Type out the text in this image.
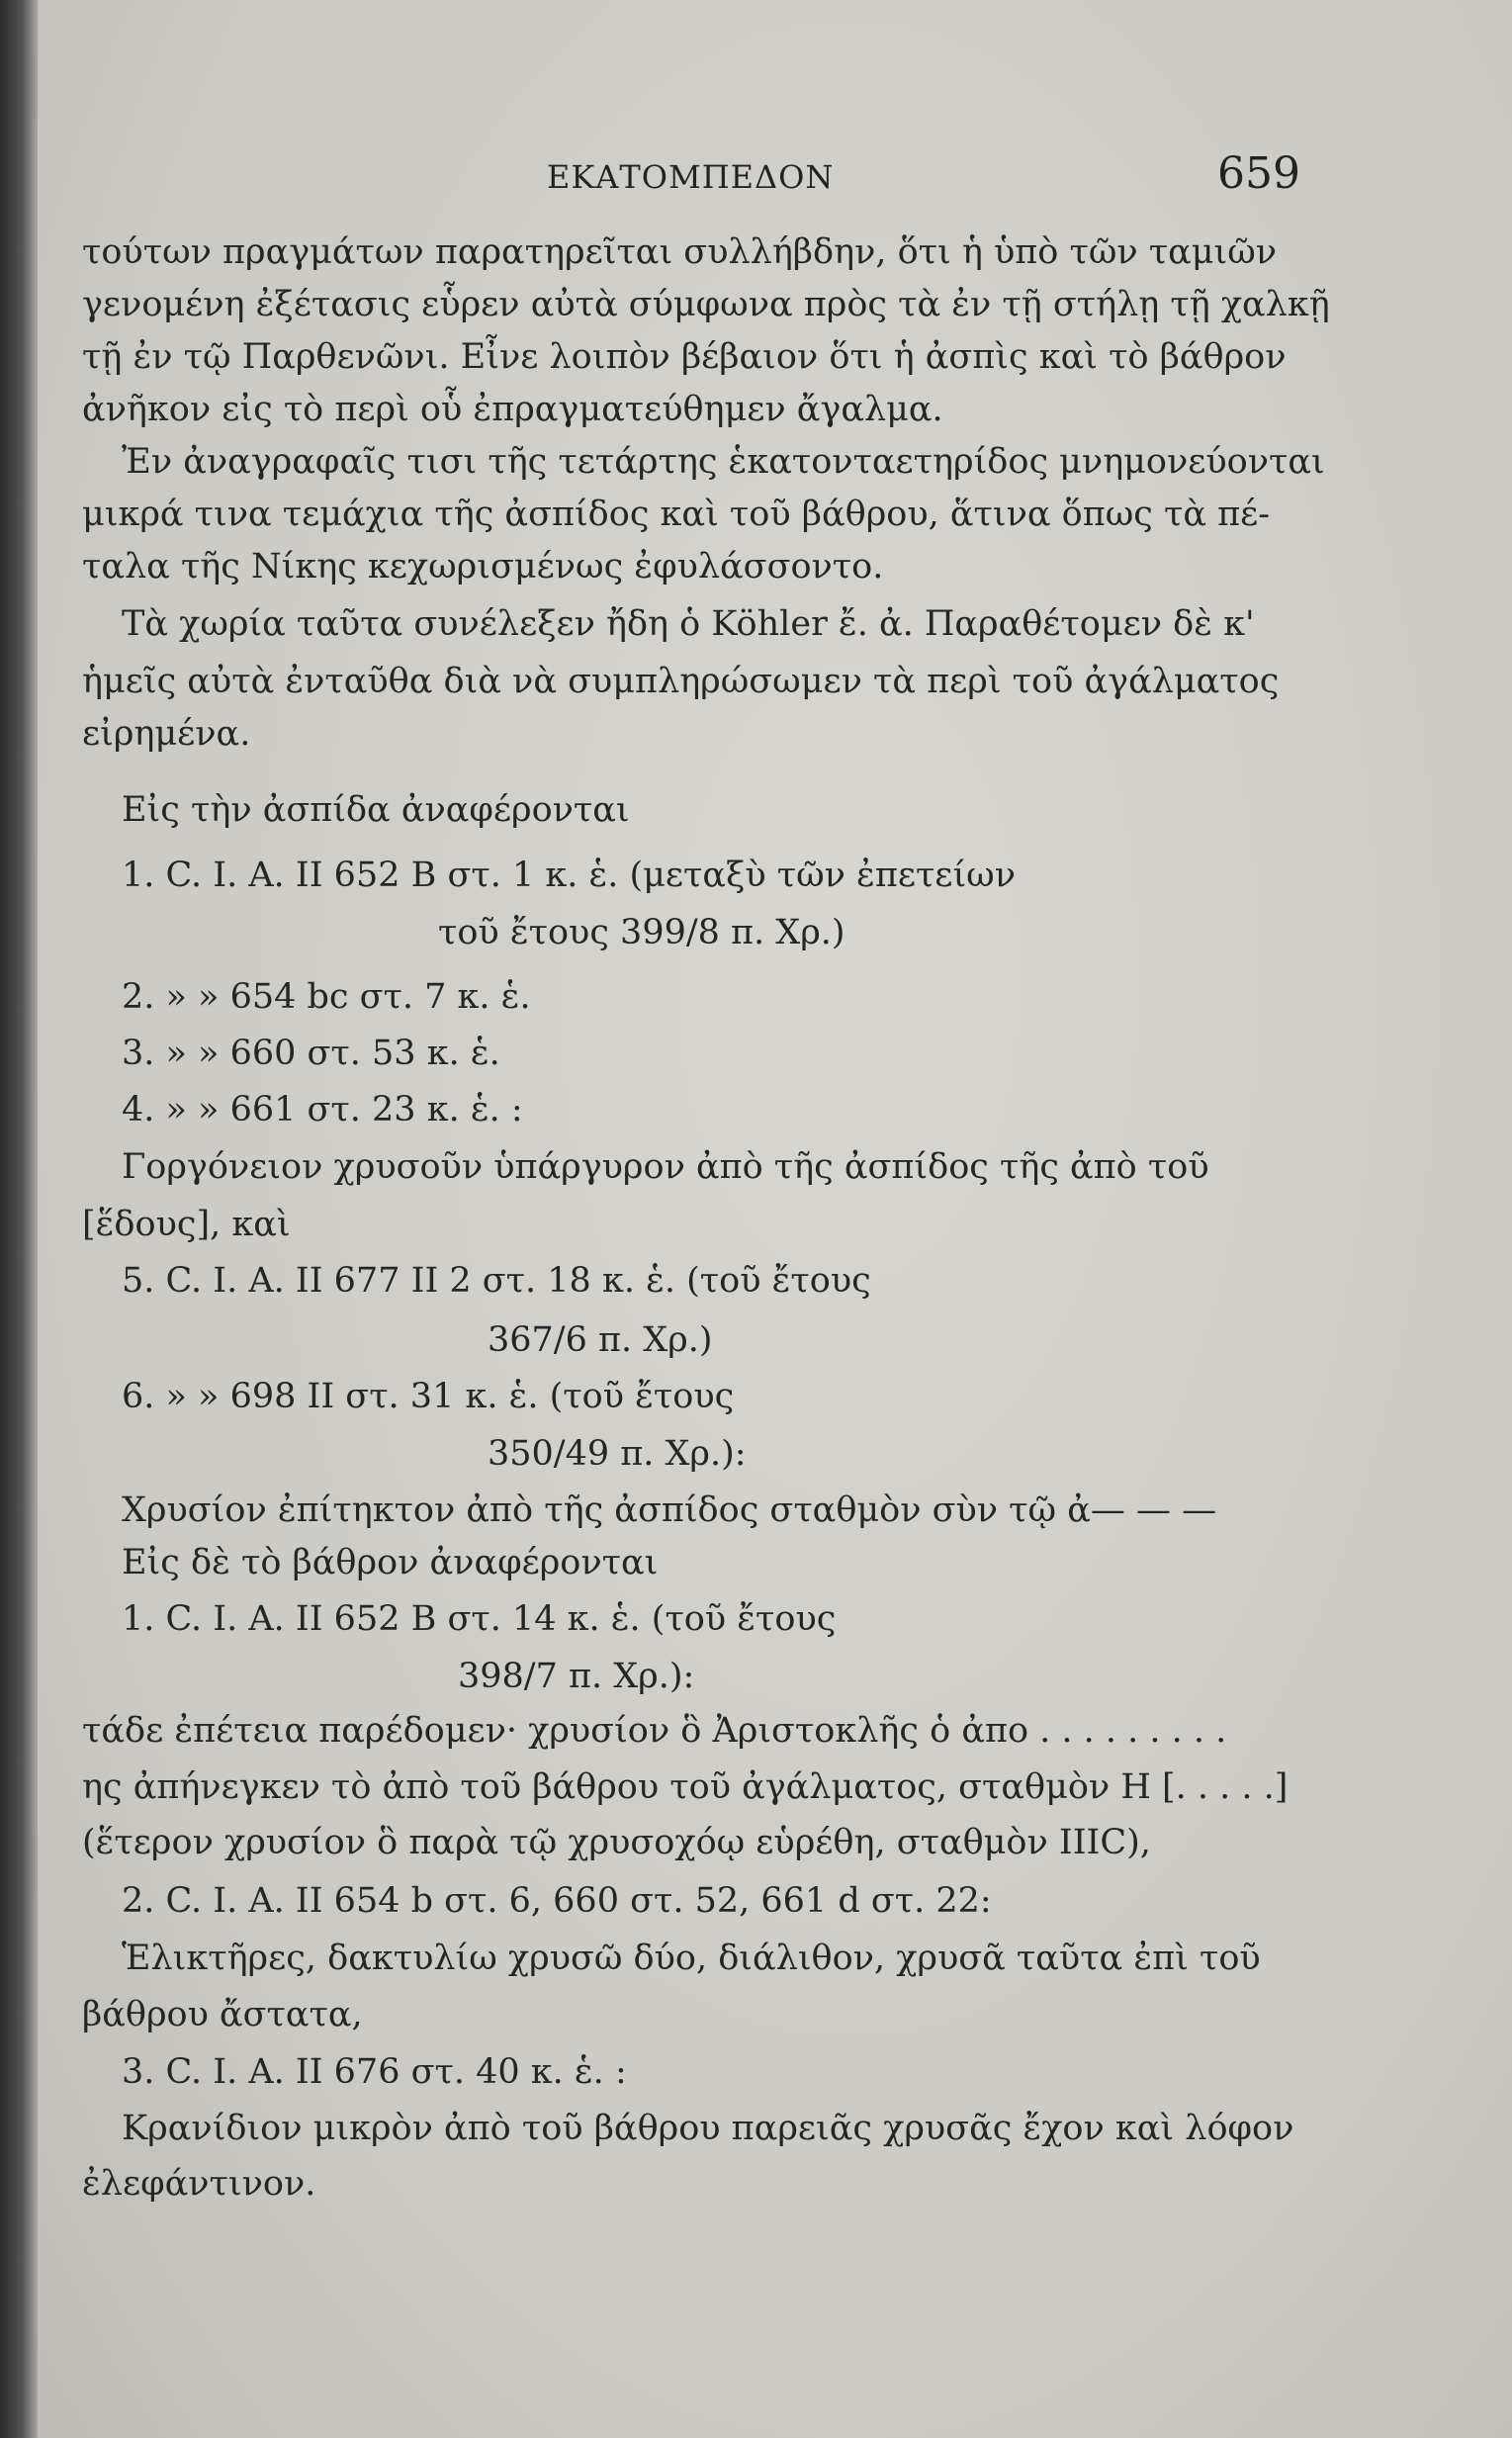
ΕΚΑΤΟΜΠΕΔΟΝ	659
τούτων πραγμάτων παρατηρεῖται συλλήβδην, ὅτι ἡ ὑπὸ τῶν ταμιῶν
γενομένη ἐξέτασις εὗρεν αὐτὰ σύμφωνα πρὸς τὰ ἐν τῇ στήλῃ τῇ χαλκῇ
τῇ ἐν τῷ Παρθενῶνι. Εἶνε λοιπὸν βέβαιον ὅτι ἡ ἀσπὶς καὶ τὸ βάθρον
ἀνῆκον εἰς τὸ περὶ οὗ ἐπραγματεύθημεν ἄγαλμα.
Ἐν ἀναγραφαῖς τισι τῆς τετάρτης ἑκατονταετηρίδος μνημονεύονται
μικρά τινα τεμάχια τῆς ἀσπίδος καὶ τοῦ βάθρου, ἅτινα ὅπως τὰ πέ-
ταλα τῆς Νίκης κεχωρισμένως ἐφυλάσσοντο.
Τὰ χωρία ταῦτα συνέλεξεν ἤδη ὁ Köhler ἔ. ἀ. Παραθέτομεν δὲ κ'
ἡμεῖς αὐτὰ ἐνταῦθα διὰ νὰ συμπληρώσωμεν τὰ περὶ τοῦ ἀγάλματος
εἰρημένα.
Εἰς τὴν ἀσπίδα ἀναφέρονται
1. C. I. A. II 652 B στ. 1 κ. ἑ. (μεταξὺ τῶν ἐπετείων
τοῦ ἔτους 399/8 π. Χρ.)
2. » » 654 bc στ. 7 κ. ἑ.
3. » » 660 στ. 53 κ. ἑ.
4. » » 661 στ. 23 κ. ἑ. :
Γοργόνειον χρυσοῦν ὑπάργυρον ἀπὸ τῆς ἀσπίδος τῆς ἀπὸ τοῦ
[ἕδους], καὶ
5. C. I. A. II 677 II 2 στ. 18 κ. ἑ. (τοῦ ἔτους
367/6 π. Χρ.)
6. » » 698 II στ. 31 κ. ἑ. (τοῦ ἔτους
350/49 π. Χρ.):
Χρυσίον ἐπίτηκτον ἀπὸ τῆς ἀσπίδος σταθμὸν σὺν τῷ ἀ— — —
Εἰς δὲ τὸ βάθρον ἀναφέρονται
1. C. I. A. II 652 B στ. 14 κ. ἑ. (τοῦ ἔτους
398/7 π. Χρ.):
τάδε ἐπέτεια παρέδομεν· χρυσίον ὃ Ἀριστοκλῆς ὁ ἀπο . . . . . . . . .
ης ἀπήνεγκεν τὸ ἀπὸ τοῦ βάθρου τοῦ ἀγάλματος, σταθμὸν Η [. . . . .]
(ἕτερον χρυσίον ὃ παρὰ τῷ χρυσοχόῳ εὑρέθη, σταθμὸν ΙΙΙC),
2. C. I. A. II 654 b στ. 6, 660 στ. 52, 661 d στ. 22:
Ἑλικτῆρες, δακτυλίω χρυσῶ δύο, διάλιθον, χρυσᾶ ταῦτα ἐπὶ τοῦ
βάθρου ἄστατα,
3. C. I. A. II 676 στ. 40 κ. ἑ. :
Κρανίδιον μικρὸν ἀπὸ τοῦ βάθρου παρειᾶς χρυσᾶς ἔχον καὶ λόφον
ἐλεφάντινον.
